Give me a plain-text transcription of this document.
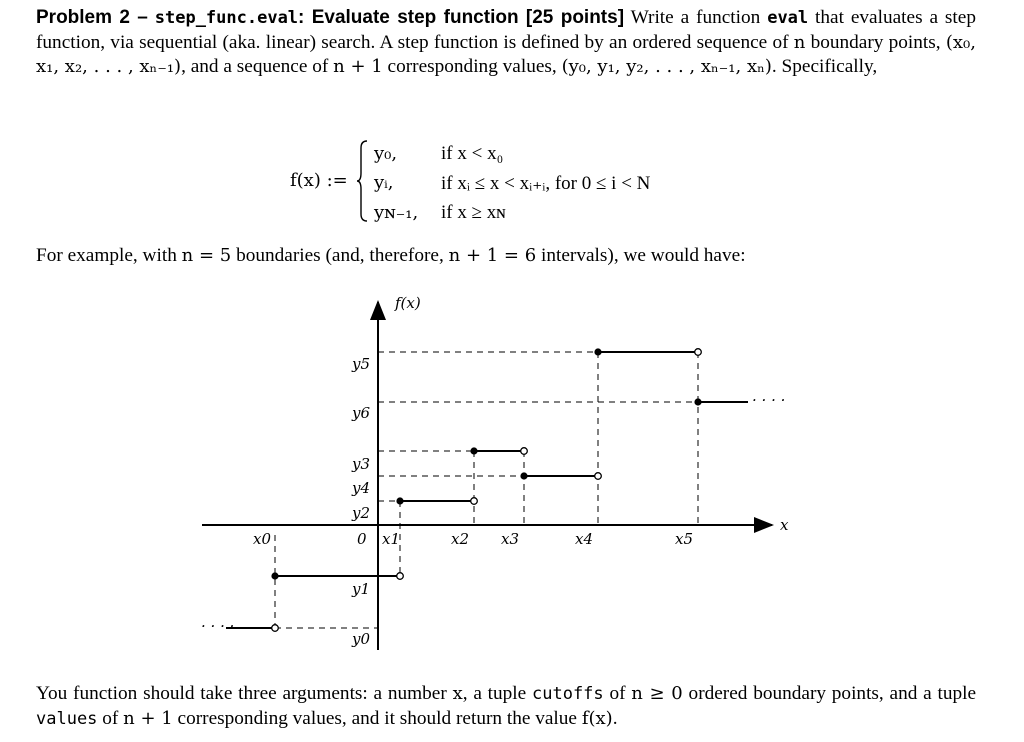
Problem 2 – step_func.eval: Evaluate step function [25 points] Write a function eval that evaluates a step function, via sequential (aka. linear) search. A step function is defined by an ordered sequence of n boundary points, (x₀, x₁, x₂, . . . , xₙ₋₁), and a sequence of n + 1 corresponding values, (y₀, y₁, y₂, . . . , xₙ₋₁, xₙ). Specifically,
f(x) :=
y₀, if x < x₀
yᵢ, if xᵢ ≤ x < xᵢ₊ᵢ, for 0 ≤ i < N
yɴ₋₁, if x ≥ xɴ
For example, with n = 5 boundaries (and, therefore, n + 1 = 6 intervals), we would have:
· · · ·
· · · ·
f(x)
x
0
x0	x1	x2 x3	x4	x5
y5
y6
y3
y4
y2
y1
y0
You function should take three arguments: a number x, a tuple cutoffs of n ≥ 0 ordered boundary points, and a tuple values of n + 1 corresponding values, and it should return the value f(x).
